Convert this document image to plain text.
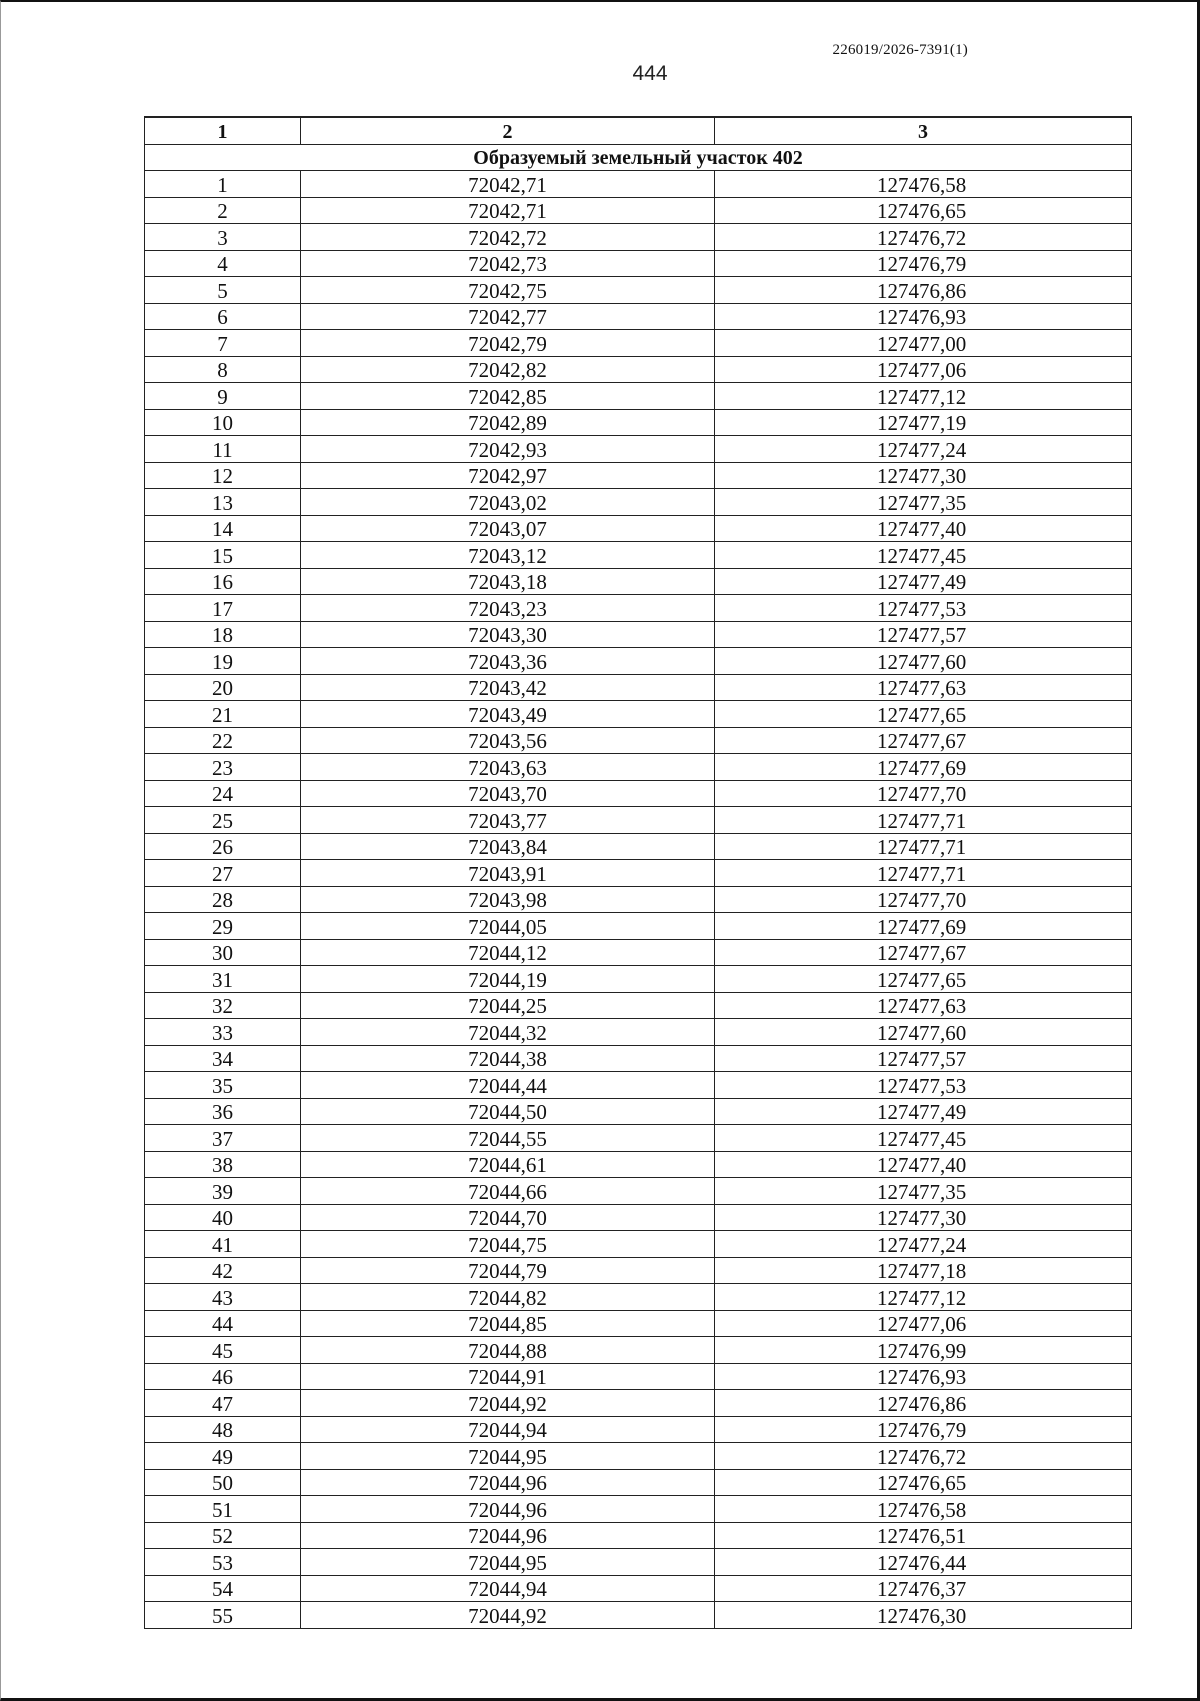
226019/2026-7391(1)
444
1	2	3
Образуемый земельный участок 402		
1	72042,71	127476,58
2	72042,71	127476,65
3	72042,72	127476,72
4	72042,73	127476,79
5	72042,75	127476,86
6	72042,77	127476,93
7	72042,79	127477,00
8	72042,82	127477,06
9	72042,85	127477,12
10	72042,89	127477,19
11	72042,93	127477,24
12	72042,97	127477,30
13	72043,02	127477,35
14	72043,07	127477,40
15	72043,12	127477,45
16	72043,18	127477,49
17	72043,23	127477,53
18	72043,30	127477,57
19	72043,36	127477,60
20	72043,42	127477,63
21	72043,49	127477,65
22	72043,56	127477,67
23	72043,63	127477,69
24	72043,70	127477,70
25	72043,77	127477,71
26	72043,84	127477,71
27	72043,91	127477,71
28	72043,98	127477,70
29	72044,05	127477,69
30	72044,12	127477,67
31	72044,19	127477,65
32	72044,25	127477,63
33	72044,32	127477,60
34	72044,38	127477,57
35	72044,44	127477,53
36	72044,50	127477,49
37	72044,55	127477,45
38	72044,61	127477,40
39	72044,66	127477,35
40	72044,70	127477,30
41	72044,75	127477,24
42	72044,79	127477,18
43	72044,82	127477,12
44	72044,85	127477,06
45	72044,88	127476,99
46	72044,91	127476,93
47	72044,92	127476,86
48	72044,94	127476,79
49	72044,95	127476,72
50	72044,96	127476,65
51	72044,96	127476,58
52	72044,96	127476,51
53	72044,95	127476,44
54	72044,94	127476,37
55	72044,92	127476,30
